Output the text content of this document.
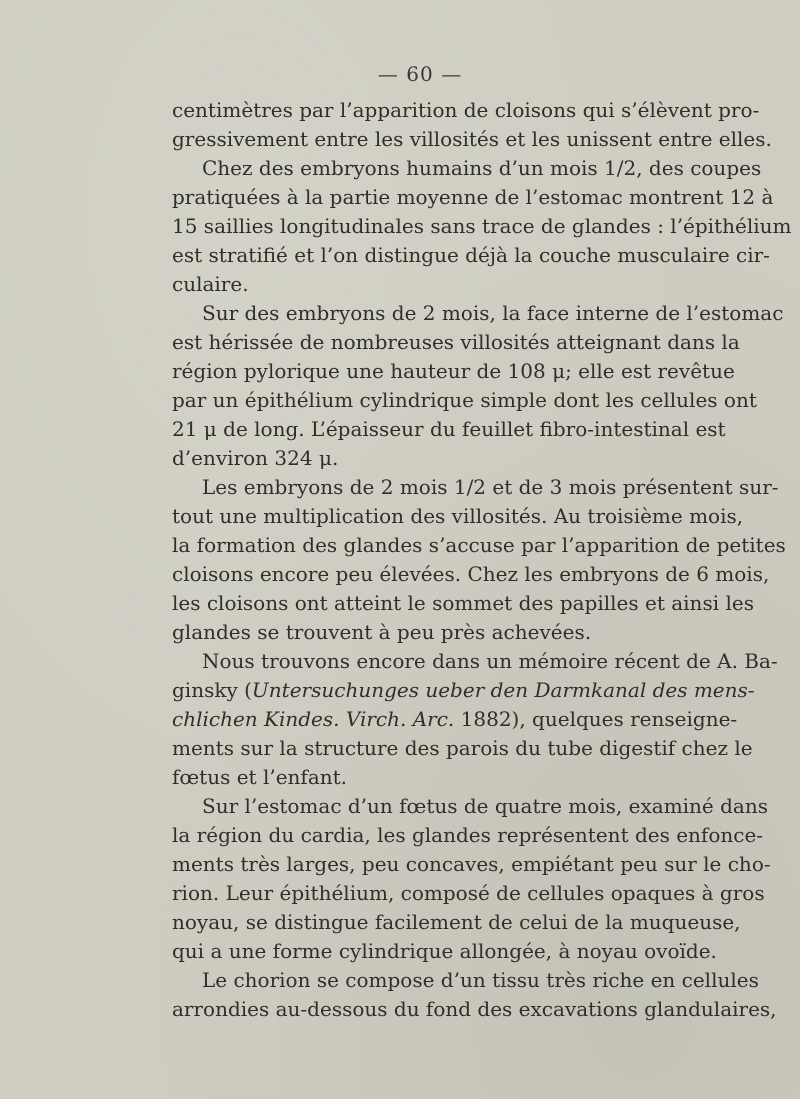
— 60 —
centimètres par l’apparition de cloisons qui s’élèvent pro-
gressivement entre les villosités et les unissent entre elles.
Chez des embryons humains d’un mois 1/2, des coupes
pratiquées à la partie moyenne de l’estomac montrent 12 à
15 saillies longitudinales sans trace de glandes : l’épithélium
est stratifié et l’on distingue déjà la couche musculaire cir-
culaire.
Sur des embryons de 2 mois, la face interne de l’estomac
est hérissée de nombreuses villosités atteignant dans la
région pylorique une hauteur de 108 μ; elle est revêtue
par un épithélium cylindrique simple dont les cellules ont
21 μ de long. L’épaisseur du feuillet fibro-intestinal est
d’environ 324 μ.
Les embryons de 2 mois 1/2 et de 3 mois présentent sur-
tout une multiplication des villosités. Au troisième mois,
la formation des glandes s’accuse par l’apparition de petites
cloisons encore peu élevées. Chez les embryons de 6 mois,
les cloisons ont atteint le sommet des papilles et ainsi les
glandes se trouvent à peu près achevées.
Nous trouvons encore dans un mémoire récent de A. Ba-
ginsky (Untersuchunges ueber den Darmkanal des mens-
chlichen Kindes. Virch. Arc. 1882), quelques renseigne-
ments sur la structure des parois du tube digestif chez le
fœtus et l’enfant.
Sur l’estomac d’un fœtus de quatre mois, examiné dans
la région du cardia, les glandes représentent des enfonce-
ments très larges, peu concaves, empiétant peu sur le cho-
rion. Leur épithélium, composé de cellules opaques à gros
noyau, se distingue facilement de celui de la muqueuse,
qui a une forme cylindrique allongée, à noyau ovoïde.
Le chorion se compose d’un tissu très riche en cellules
arrondies au-dessous du fond des excavations glandulaires,
